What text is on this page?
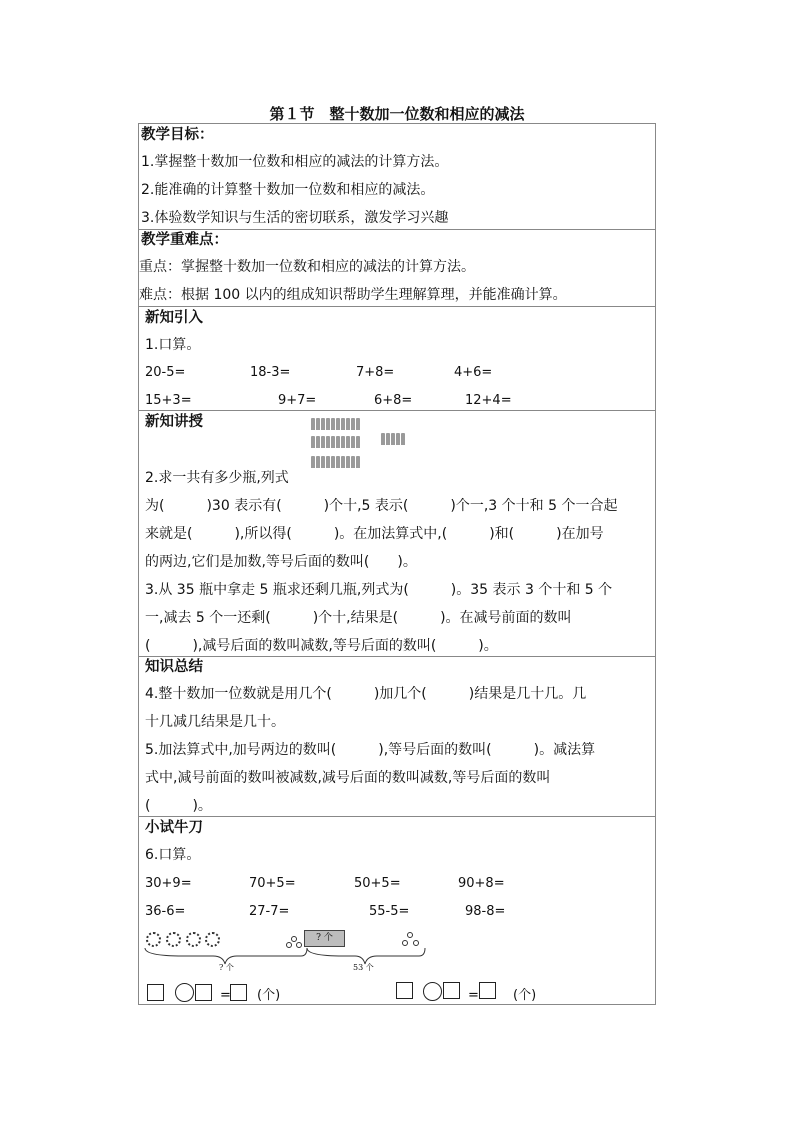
第１节　整十数加一位数和相应的减法
教学目标：
1.掌握整十数加一位数和相应的减法的计算方法。
2.能准确的计算整十数加一位数和相应的减法。
3.体验数学知识与生活的密切联系，激发学习兴趣
教学重难点：
重点：掌握整十数加一位数和相应的减法的计算方法。
难点：根据 100 以内的组成知识帮助学生理解算理，并能准确计算。
新知引入
1.口算。
20-5=	18-3=	7+8=	4+6=
15+3=	9+7=	6+8=	12+4=
新知讲授
2.求一共有多少瓶,列式
为(　　　)30 表示有(　　　)个十,5 表示(　　　)个一,3 个十和 5 个一合起
来就是(　　　),所以得(　　　)。在加法算式中,(　　　)和(　　　)在加号
的两边,它们是加数,等号后面的数叫(　　)。
3.从 35 瓶中拿走 5 瓶求还剩几瓶,列式为(　　　)。35 表示 3 个十和 5 个
一,减去 5 个一还剩(　　　)个十,结果是(　　　)。在减号前面的数叫
(　　　),减号后面的数叫减数,等号后面的数叫(　　　)。
知识总结
4.整十数加一位数就是用几个(　　　)加几个(　　　)结果是几十几。几
十几减几结果是几十。
5.加法算式中,加号两边的数叫(　　　),等号后面的数叫(　　　)。减法算
式中,减号前面的数叫被减数,减号后面的数叫减数,等号后面的数叫
(　　　)。
小试牛刀
6.口算。
30+9=	70+5=	50+5=	90+8=
36-6=	27-7=	55-5=	98-8=
? 个
? 个	53 个
= (个)	=	(个)
